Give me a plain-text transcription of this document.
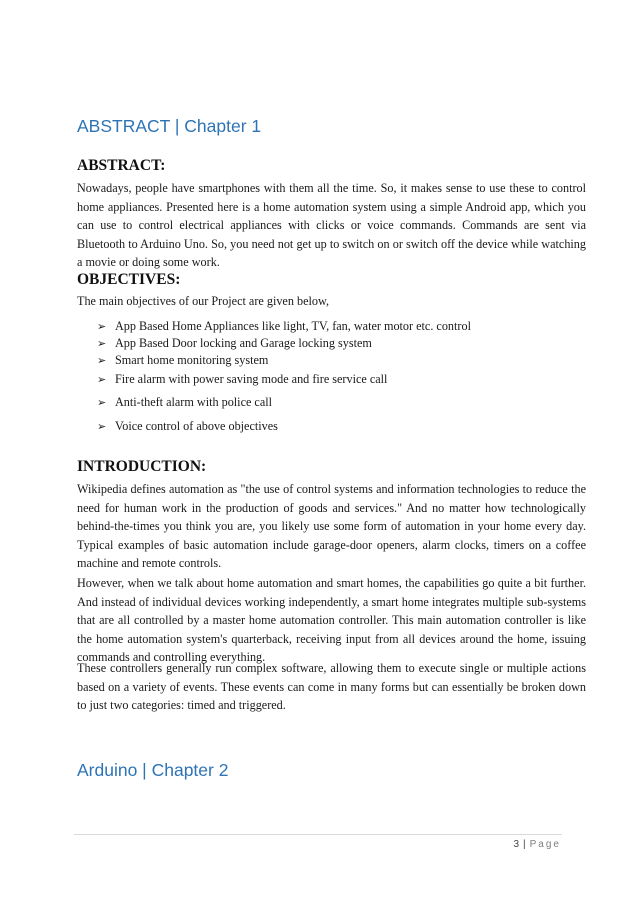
ABSTRACT | Chapter 1
ABSTRACT:

Nowadays, people have smartphones with them all the time. So, it makes sense to use these to control home appliances. Presented here is a home automation system using a simple Android app, which you can use to control electrical appliances with clicks or voice commands. Commands are sent via Bluetooth to Arduino Uno. So, you need not get up to switch on or switch off the device while watching a movie or doing some work.

OBJECTIVES:

The main objectives of our Project are given below,

➢ App Based Home Appliances like light, TV, fan, water motor etc. control
➢ App Based Door locking and Garage locking system
➢ Smart home monitoring system
➢ Fire alarm with power saving mode and fire service call
➢ Anti-theft alarm with police call
➢ Voice control of above objectives
INTRODUCTION:

Wikipedia defines automation as "the use of control systems and information technologies to reduce the need for human work in the production of goods and services." And no matter how technologically behind-the-times you think you are, you likely use some form of automation in your home every day. Typical examples of basic automation include garage-door openers, alarm clocks, timers on a coffee machine and remote controls.

However, when we talk about home automation and smart homes, the capabilities go quite a bit further. And instead of individual devices working independently, a smart home integrates multiple sub-systems that are all controlled by a master home automation controller. This main automation controller is like the home automation system's quarterback, receiving input from all devices around the home, issuing commands and controlling everything.

These controllers generally run complex software, allowing them to execute single or multiple actions based on a variety of events. These events can come in many forms but can essentially be broken down to just two categories: timed and triggered.

Arduino | Chapter 2
3 | Page
